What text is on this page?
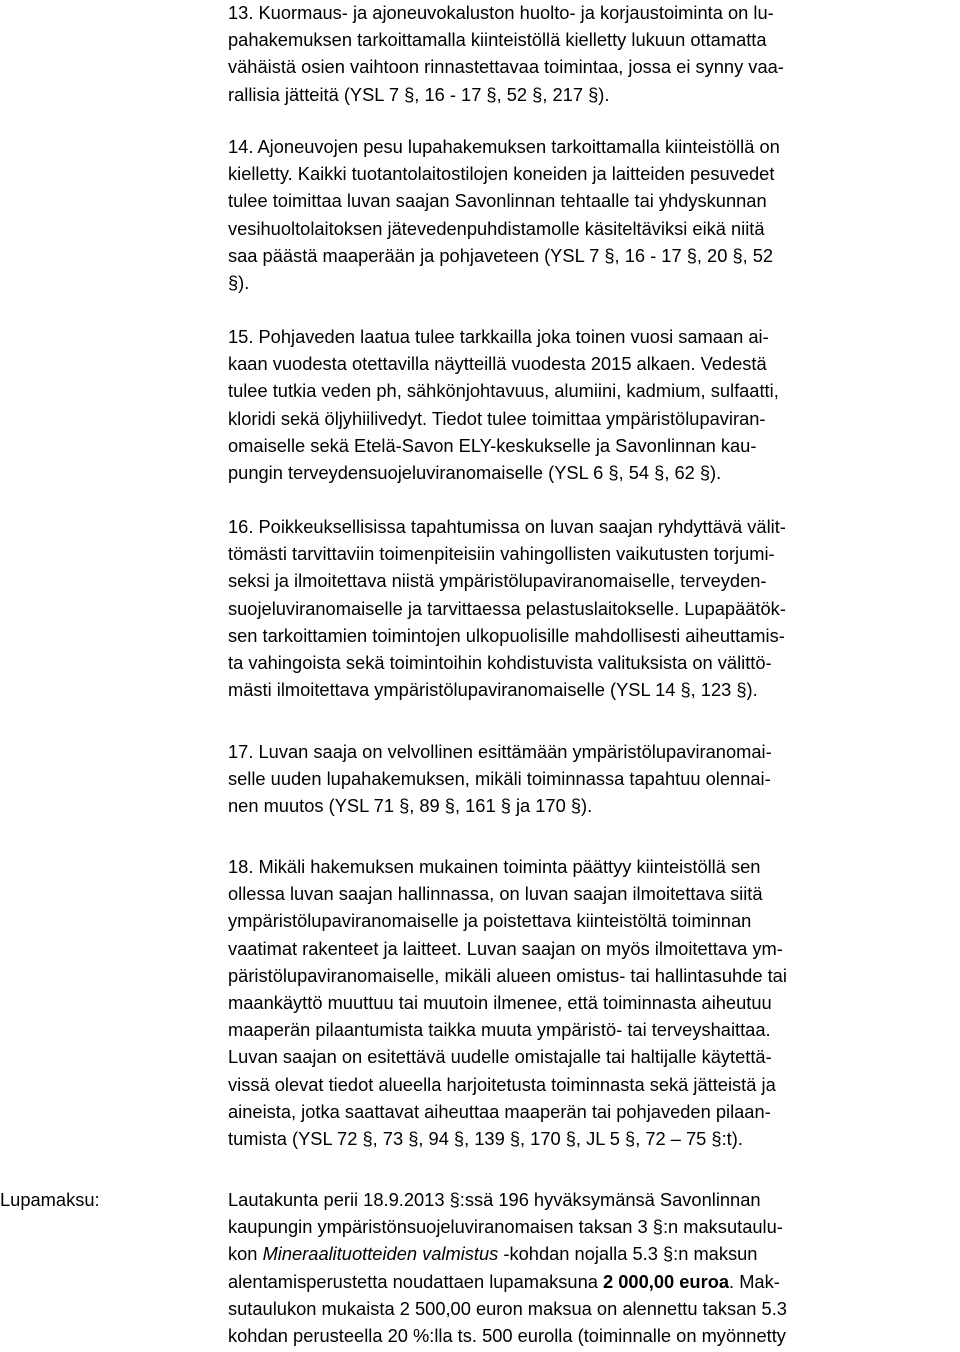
13. Kuormaus- ja ajoneuvokaluston huolto- ja korjaustoiminta on lu-
pahakemuksen tarkoittamalla kiinteistöllä kielletty lukuun ottamatta
vähäistä osien vaihtoon rinnastettavaa toimintaa, jossa ei synny vaa-
rallisia jätteitä (YSL 7 §, 16 - 17 §, 52 §, 217 §).

14. Ajoneuvojen pesu lupahakemuksen tarkoittamalla kiinteistöllä on
kielletty. Kaikki tuotantolaitostilojen koneiden ja laitteiden pesuvedet
tulee toimittaa luvan saajan Savonlinnan tehtaalle tai yhdyskunnan
vesihuoltolaitoksen jätevedenpuhdistamolle käsiteltäviksi eikä niitä
saa päästä maaperään ja pohjaveteen (YSL 7 §, 16 - 17 §, 20 §, 52
§).

15. Pohjaveden laatua tulee tarkkailla joka toinen vuosi samaan ai-
kaan vuodesta otettavilla näytteillä vuodesta 2015 alkaen. Vedestä
tulee tutkia veden ph, sähkönjohtavuus, alumiini, kadmium, sulfaatti,
kloridi sekä öljyhiilivedyt. Tiedot tulee toimittaa ympäristölupaviran-
omaiselle sekä Etelä-Savon ELY-keskukselle ja Savonlinnan kau-
pungin terveydensuojeluviranomaiselle (YSL 6 §, 54 §, 62 §).

16. Poikkeuksellisissa tapahtumissa on luvan saajan ryhdyttävä välit-
tömästi tarvittaviin toimenpiteisiin vahingollisten vaikutusten torjumi-
seksi ja ilmoitettava niistä ympäristölupaviranomaiselle, terveyden-
suojeluviranomaiselle ja tarvittaessa pelastuslaitokselle. Lupapäätök-
sen tarkoittamien toimintojen ulkopuolisille mahdollisesti aiheuttamis-
ta vahingoista sekä toimintoihin kohdistuvista valituksista on välittö-
mästi ilmoitettava ympäristölupaviranomaiselle (YSL 14 §, 123 §).

17. Luvan saaja on velvollinen esittämään ympäristölupaviranomai-
selle uuden lupahakemuksen, mikäli toiminnassa tapahtuu olennai-
nen muutos (YSL 71 §, 89 §, 161 § ja 170 §).

18. Mikäli hakemuksen mukainen toiminta päättyy kiinteistöllä sen
ollessa luvan saajan hallinnassa, on luvan saajan ilmoitettava siitä
ympäristölupaviranomaiselle ja poistettava kiinteistöltä toiminnan
vaatimat rakenteet ja laitteet. Luvan saajan on myös ilmoitettava ym-
päristölupaviranomaiselle, mikäli alueen omistus- tai hallintasuhde tai
maankäyttö muuttuu tai muutoin ilmenee, että toiminnasta aiheutuu
maaperän pilaantumista taikka muuta ympäristö- tai terveyshaittaa.
Luvan saajan on esitettävä uudelle omistajalle tai haltijalle käytettä-
vissä olevat tiedot alueella harjoitetusta toiminnasta sekä jätteistä ja
aineista, jotka saattavat aiheuttaa maaperän tai pohjaveden pilaan-
tumista (YSL 72 §, 73 §, 94 §, 139 §, 170 §, JL 5 §, 72 – 75 §:t).

Lupamaksu:	Lautakunta perii 18.9.2013 §:ssä 196 hyväksymänsä Savonlinnan
kaupungin ympäristönsuojeluviranomaisen taksan 3 §:n maksutaulu-
kon Mineraalituotteiden valmistus -kohdan nojalla 5.3 §:n maksun
alentamisperustetta noudattaen lupamaksuna 2 000,00 euroa. Mak-
sutaulukon mukaista 2 500,00 euron maksua on alennettu taksan 5.3
kohdan perusteella 20 %:lla ts. 500 eurolla (toiminnalle on myönnetty
